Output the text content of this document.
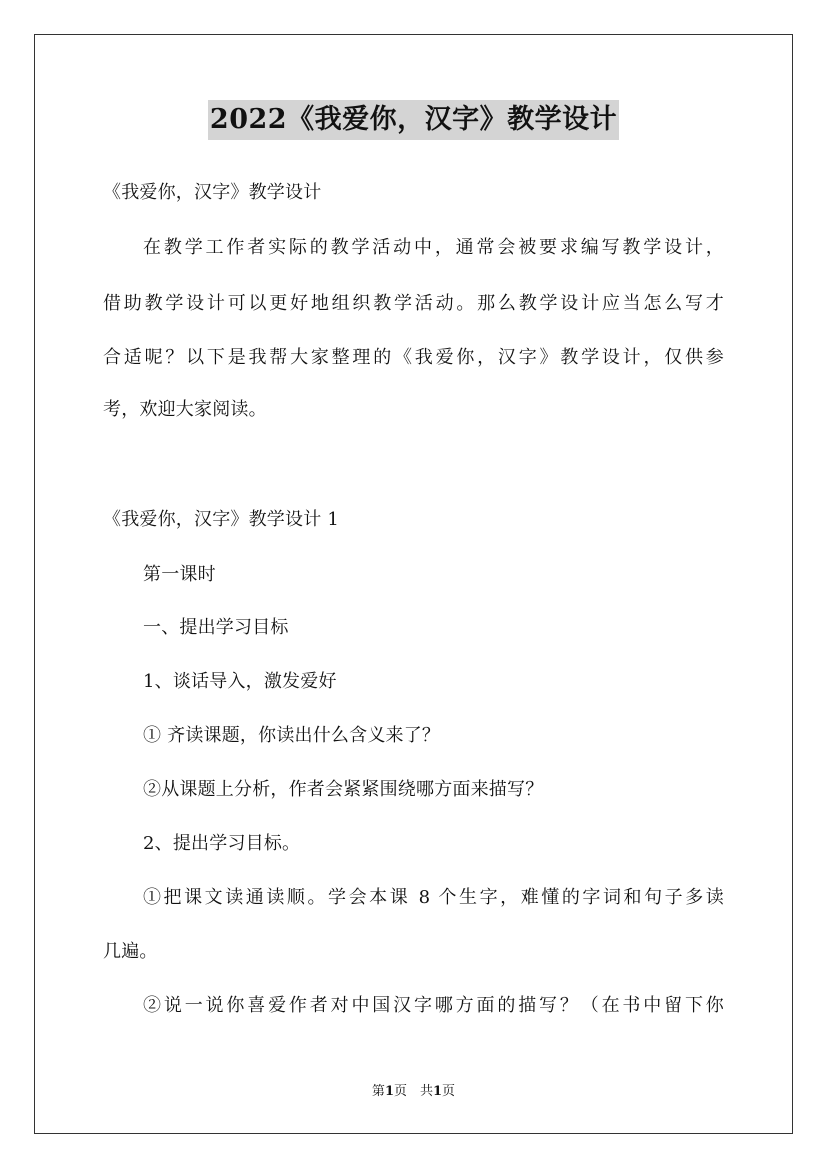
2022《我爱你，汉字》教学设计
《我爱你，汉字》教学设计
在教学工作者实际的教学活动中，通常会被要求编写教学设计，
借助教学设计可以更好地组织教学活动。那么教学设计应当怎么写才
合适呢？以下是我帮大家整理的《我爱你，汉字》教学设计，仅供参
考，欢迎大家阅读。
《我爱你，汉字》教学设计 1
第一课时
一、提出学习目标
1、谈话导入，激发爱好
① 齐读课题，你读出什么含义来了？
②从课题上分析，作者会紧紧围绕哪方面来描写？
2、提出学习目标。
①把课文读通读顺。学会本课 8 个生字，难懂的字词和句子多读
几遍。
②说一说你喜爱作者对中国汉字哪方面的描写？（在书中留下你
第1页　共1页
